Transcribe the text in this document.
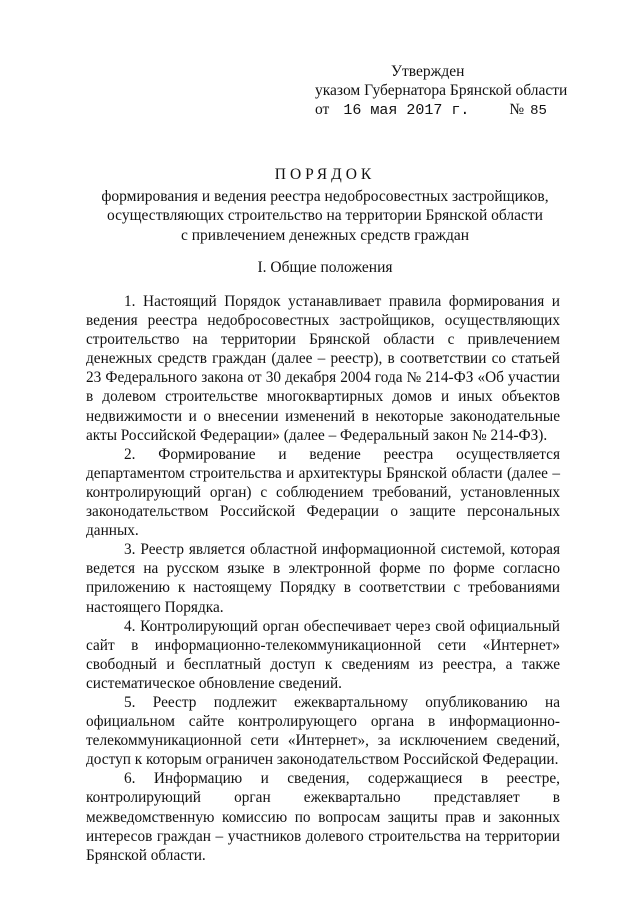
Утвержден
указом Губернатора Брянской области
от 16 мая 2017 г.	№ 85
ПОРЯДОК
формирования и ведения реестра недобросовестных застройщиков,
осуществляющих строительство на территории Брянской области
с привлечением денежных средств граждан
I. Общие положения

1. Настоящий Порядок устанавливает правила формирования и ведения реестра недобросовестных застройщиков, осуществляющих строительство на территории Брянской области с привлечением денежных средств граждан (далее – реестр), в соответствии со статьей 23 Федерального закона от 30 декабря 2004 года № 214-ФЗ «Об участии в долевом строительстве многоквартирных домов и иных объектов недвижимости и о внесении изменений в некоторые законодательные акты Российской Федерации» (далее – Федеральный закон № 214-ФЗ).

2. Формирование и ведение реестра осуществляется департаментом строительства и архитектуры Брянской области (далее – контролирующий орган) с соблюдением требований, установленных законодательством Российской Федерации о защите персональных данных.

3. Реестр является областной информационной системой, которая ведется на русском языке в электронной форме по форме согласно приложению к настоящему Порядку в соответствии с требованиями настоящего Порядка.

4. Контролирующий орган обеспечивает через свой официальный сайт в информационно-телекоммуникационной сети «Интернет» свободный и бесплатный доступ к сведениям из реестра, а также систематическое обновление сведений.

5. Реестр подлежит ежеквартальному опубликованию на официальном сайте контролирующего органа в информационно-телекоммуникационной сети «Интернет», за исключением сведений, доступ к которым ограничен законодательством Российской Федерации.

6. Информацию и сведения, содержащиеся в реестре, контролирующий орган ежеквартально представляет в межведомственную комиссию по вопросам защиты прав и законных интересов граждан – участников долевого строительства на территории Брянской области.
